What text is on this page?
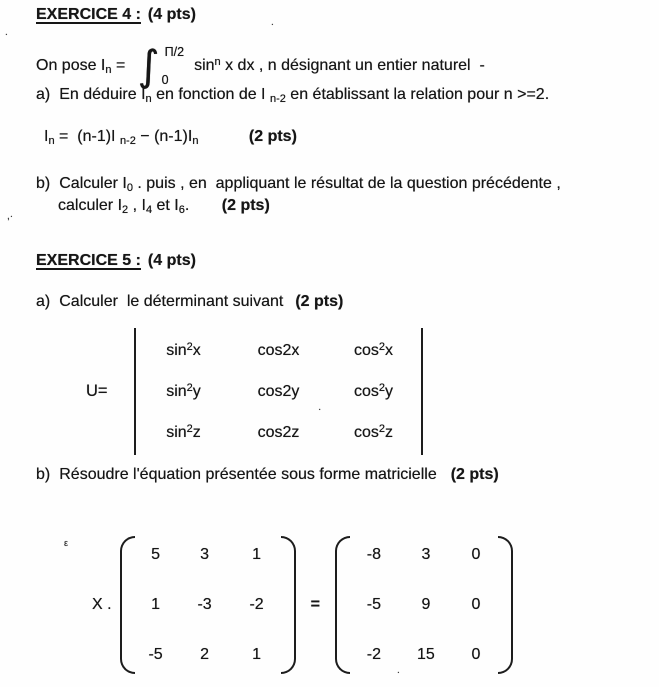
EXERCICE 4 : (4 pts)
On pose $I_n$ = ∫ Π/2
0
$\sin^n x$ dx , n désignant un entier naturel  -
a) En déduire $I_n$ en fonction de I $_{n-2}$ en établissant la relation pour n >=2.
$I_n = (n-1)I$ $_{n-2} - (n-1)I_n$	(2 pts)
b) Calculer $I_0$ . puis , en  appliquant le résultat de la question précédente ,
calculer $I_2$ , $I_4$ et $I_6$. (2 pts)
EXERCICE 5 : (4 pts)
a) Calculer  le déterminant suivant (2 pts)
U=
$\sin^2x$	cos2x	$\cos^2x$
$\sin^2y$	cos2y	$\cos^2y$
$\sin^2z$	cos2z	$\cos^2z$
b) Résoudre l'équation présentée sous forme matricielle (2 pts)
X .
5	3	1
1	-3	-2
-5	2	1
=
-8	3	0
-5	9	0
-2	15	0
.
,·
ε
.
·
.
